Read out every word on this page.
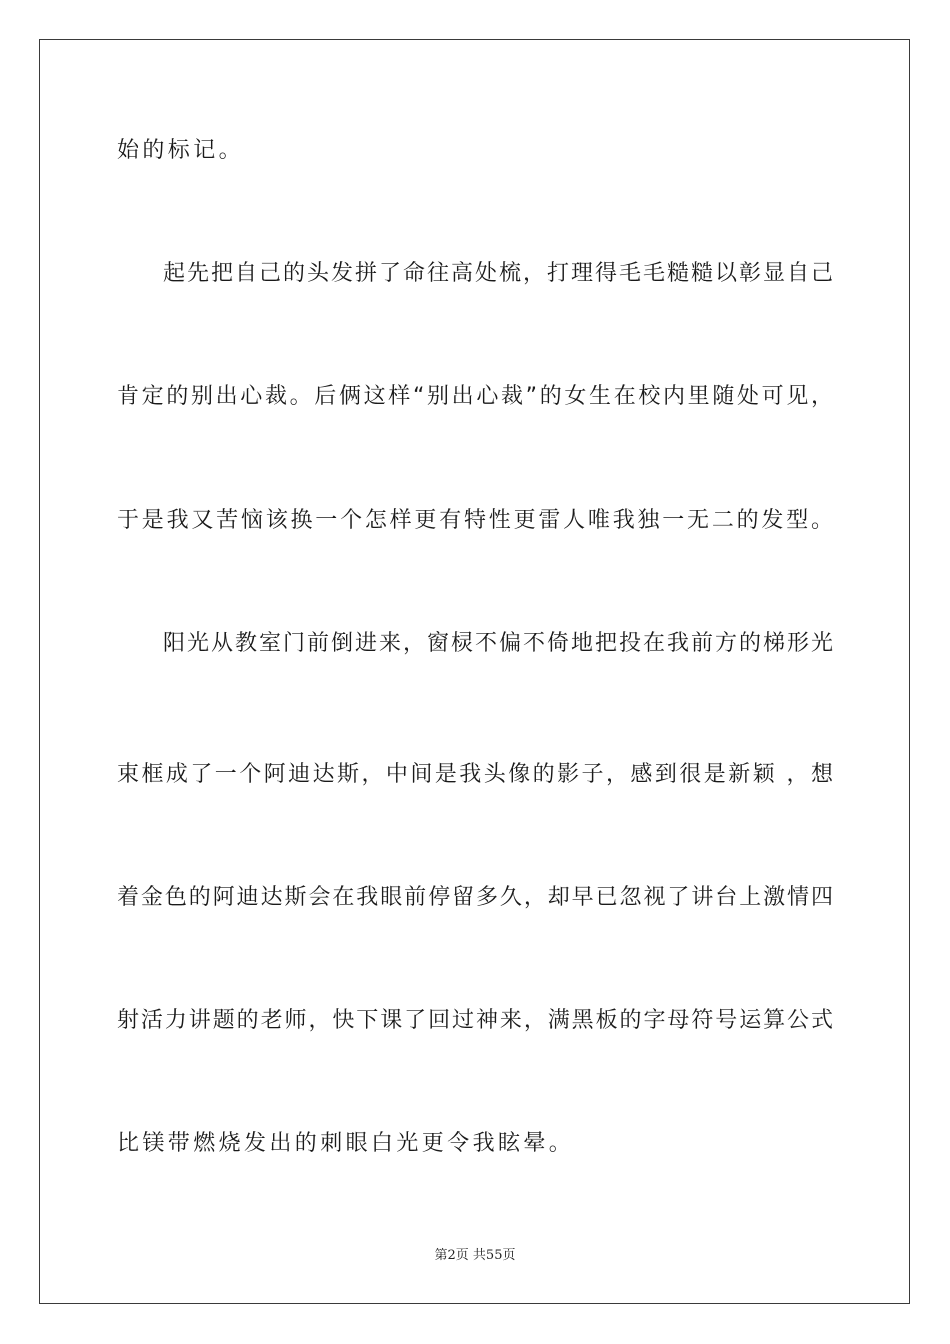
始的标记。
起先把自己的头发拼了命往高处梳，打理得毛毛糙糙以彰显自己
肯定的别出心裁。后俩这样“别出心裁”的女生在校内里随处可见，
于是我又苦恼该换一个怎样更有特性更雷人唯我独一无二的发型。
阳光从教室门前倒进来，窗棂不偏不倚地把投在我前方的梯形光
束框成了一个阿迪达斯，中间是我头像的影子，感到很是新颖 ，想
着金色的阿迪达斯会在我眼前停留多久，却早已忽视了讲台上激情四
射活力讲题的老师，快下课了回过神来，满黑板的字母符号运算公式
比镁带燃烧发出的刺眼白光更令我眩晕。
第2页 共55页
